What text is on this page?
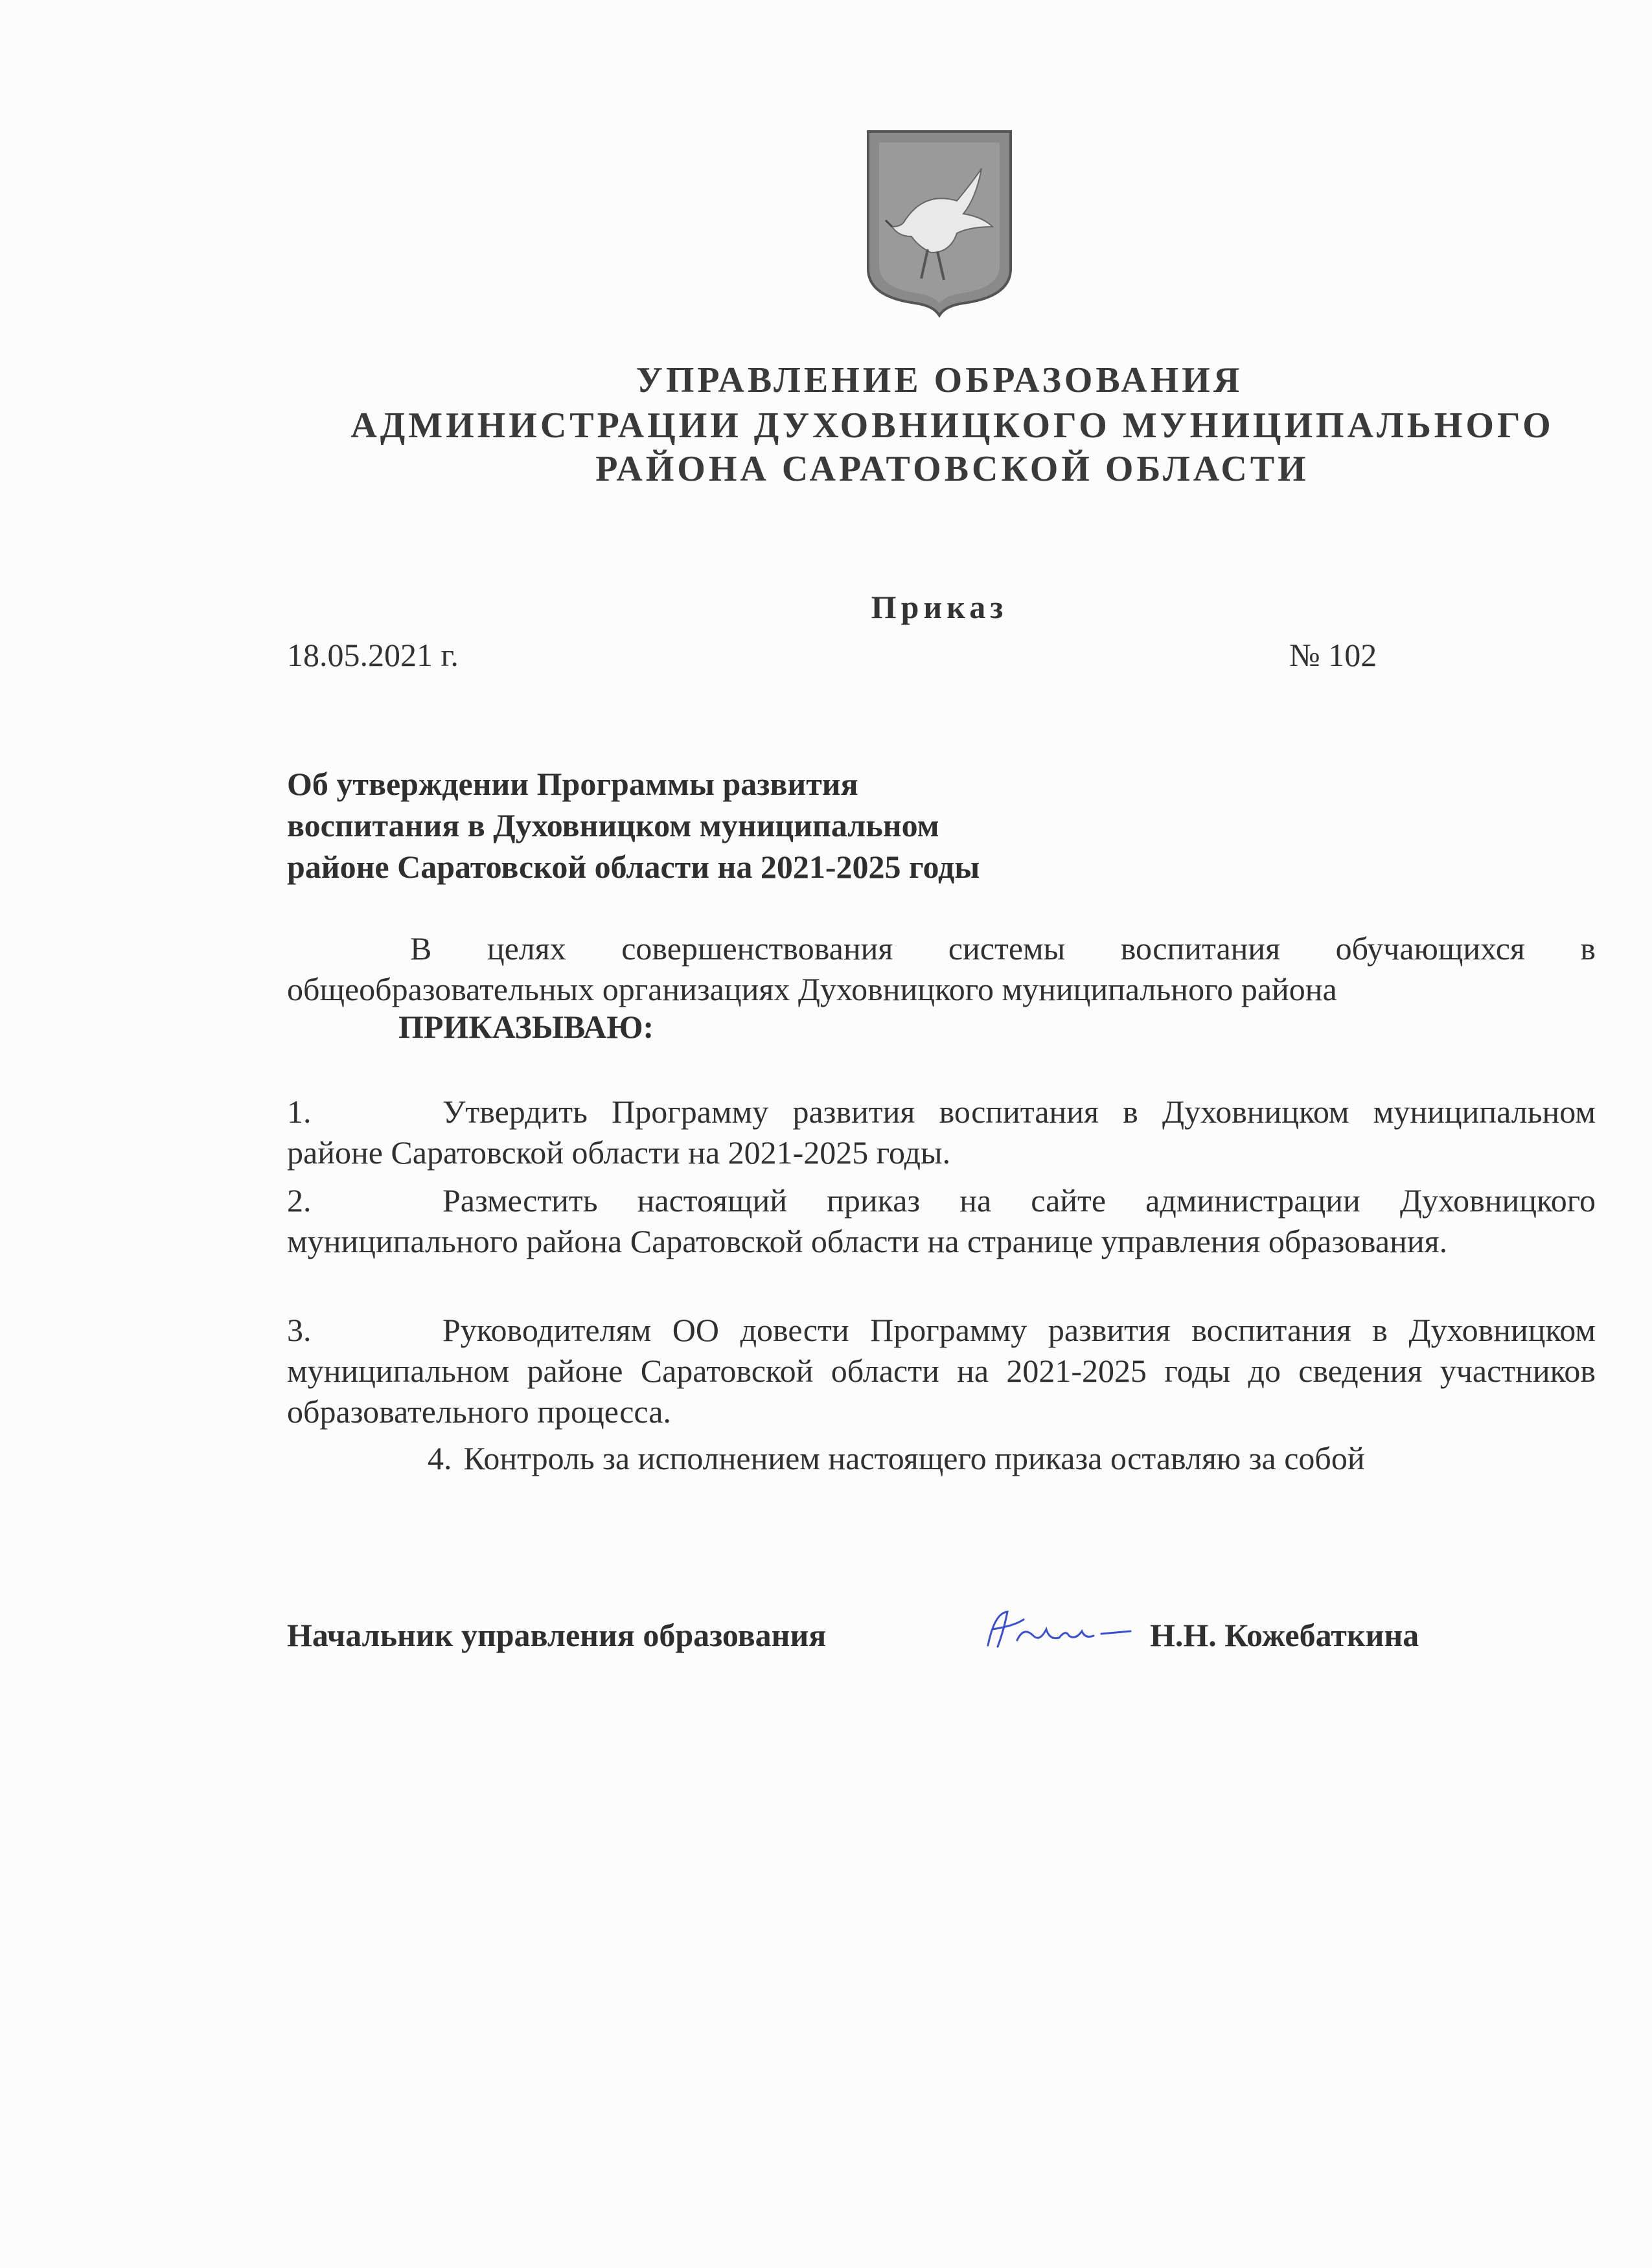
УПРАВЛЕНИЕ ОБРАЗОВАНИЯ
АДМИНИСТРАЦИИ ДУХОВНИЦКОГО МУНИЦИПАЛЬНОГО
РАЙОНА САРАТОВСКОЙ ОБЛАСТИ
Приказ
18.05.2021 г.	№ 102
Об утверждении Программы развития
воспитания в Духовницком муниципальном
районе Саратовской области на 2021-2025 годы
В целях совершенствования системы воспитания обучающихся в общеобразовательных организациях Духовницкого муниципального района
ПРИКАЗЫВАЮ:
1.	Утвердить Программу развития воспитания в Духовницком муниципальном районе Саратовской области на 2021-2025 годы.
2.	Разместить настоящий приказ на сайте администрации Духовницкого муниципального района Саратовской области на странице управления образования.
3.	Руководителям ОО довести Программу развития воспитания в Духовницком муниципальном районе Саратовской области на 2021-2025 годы до сведения участников образовательного процесса.
4. Контроль за исполнением настоящего приказа оставляю за собой
Начальник управления образования	Н.Н. Кожебаткина
